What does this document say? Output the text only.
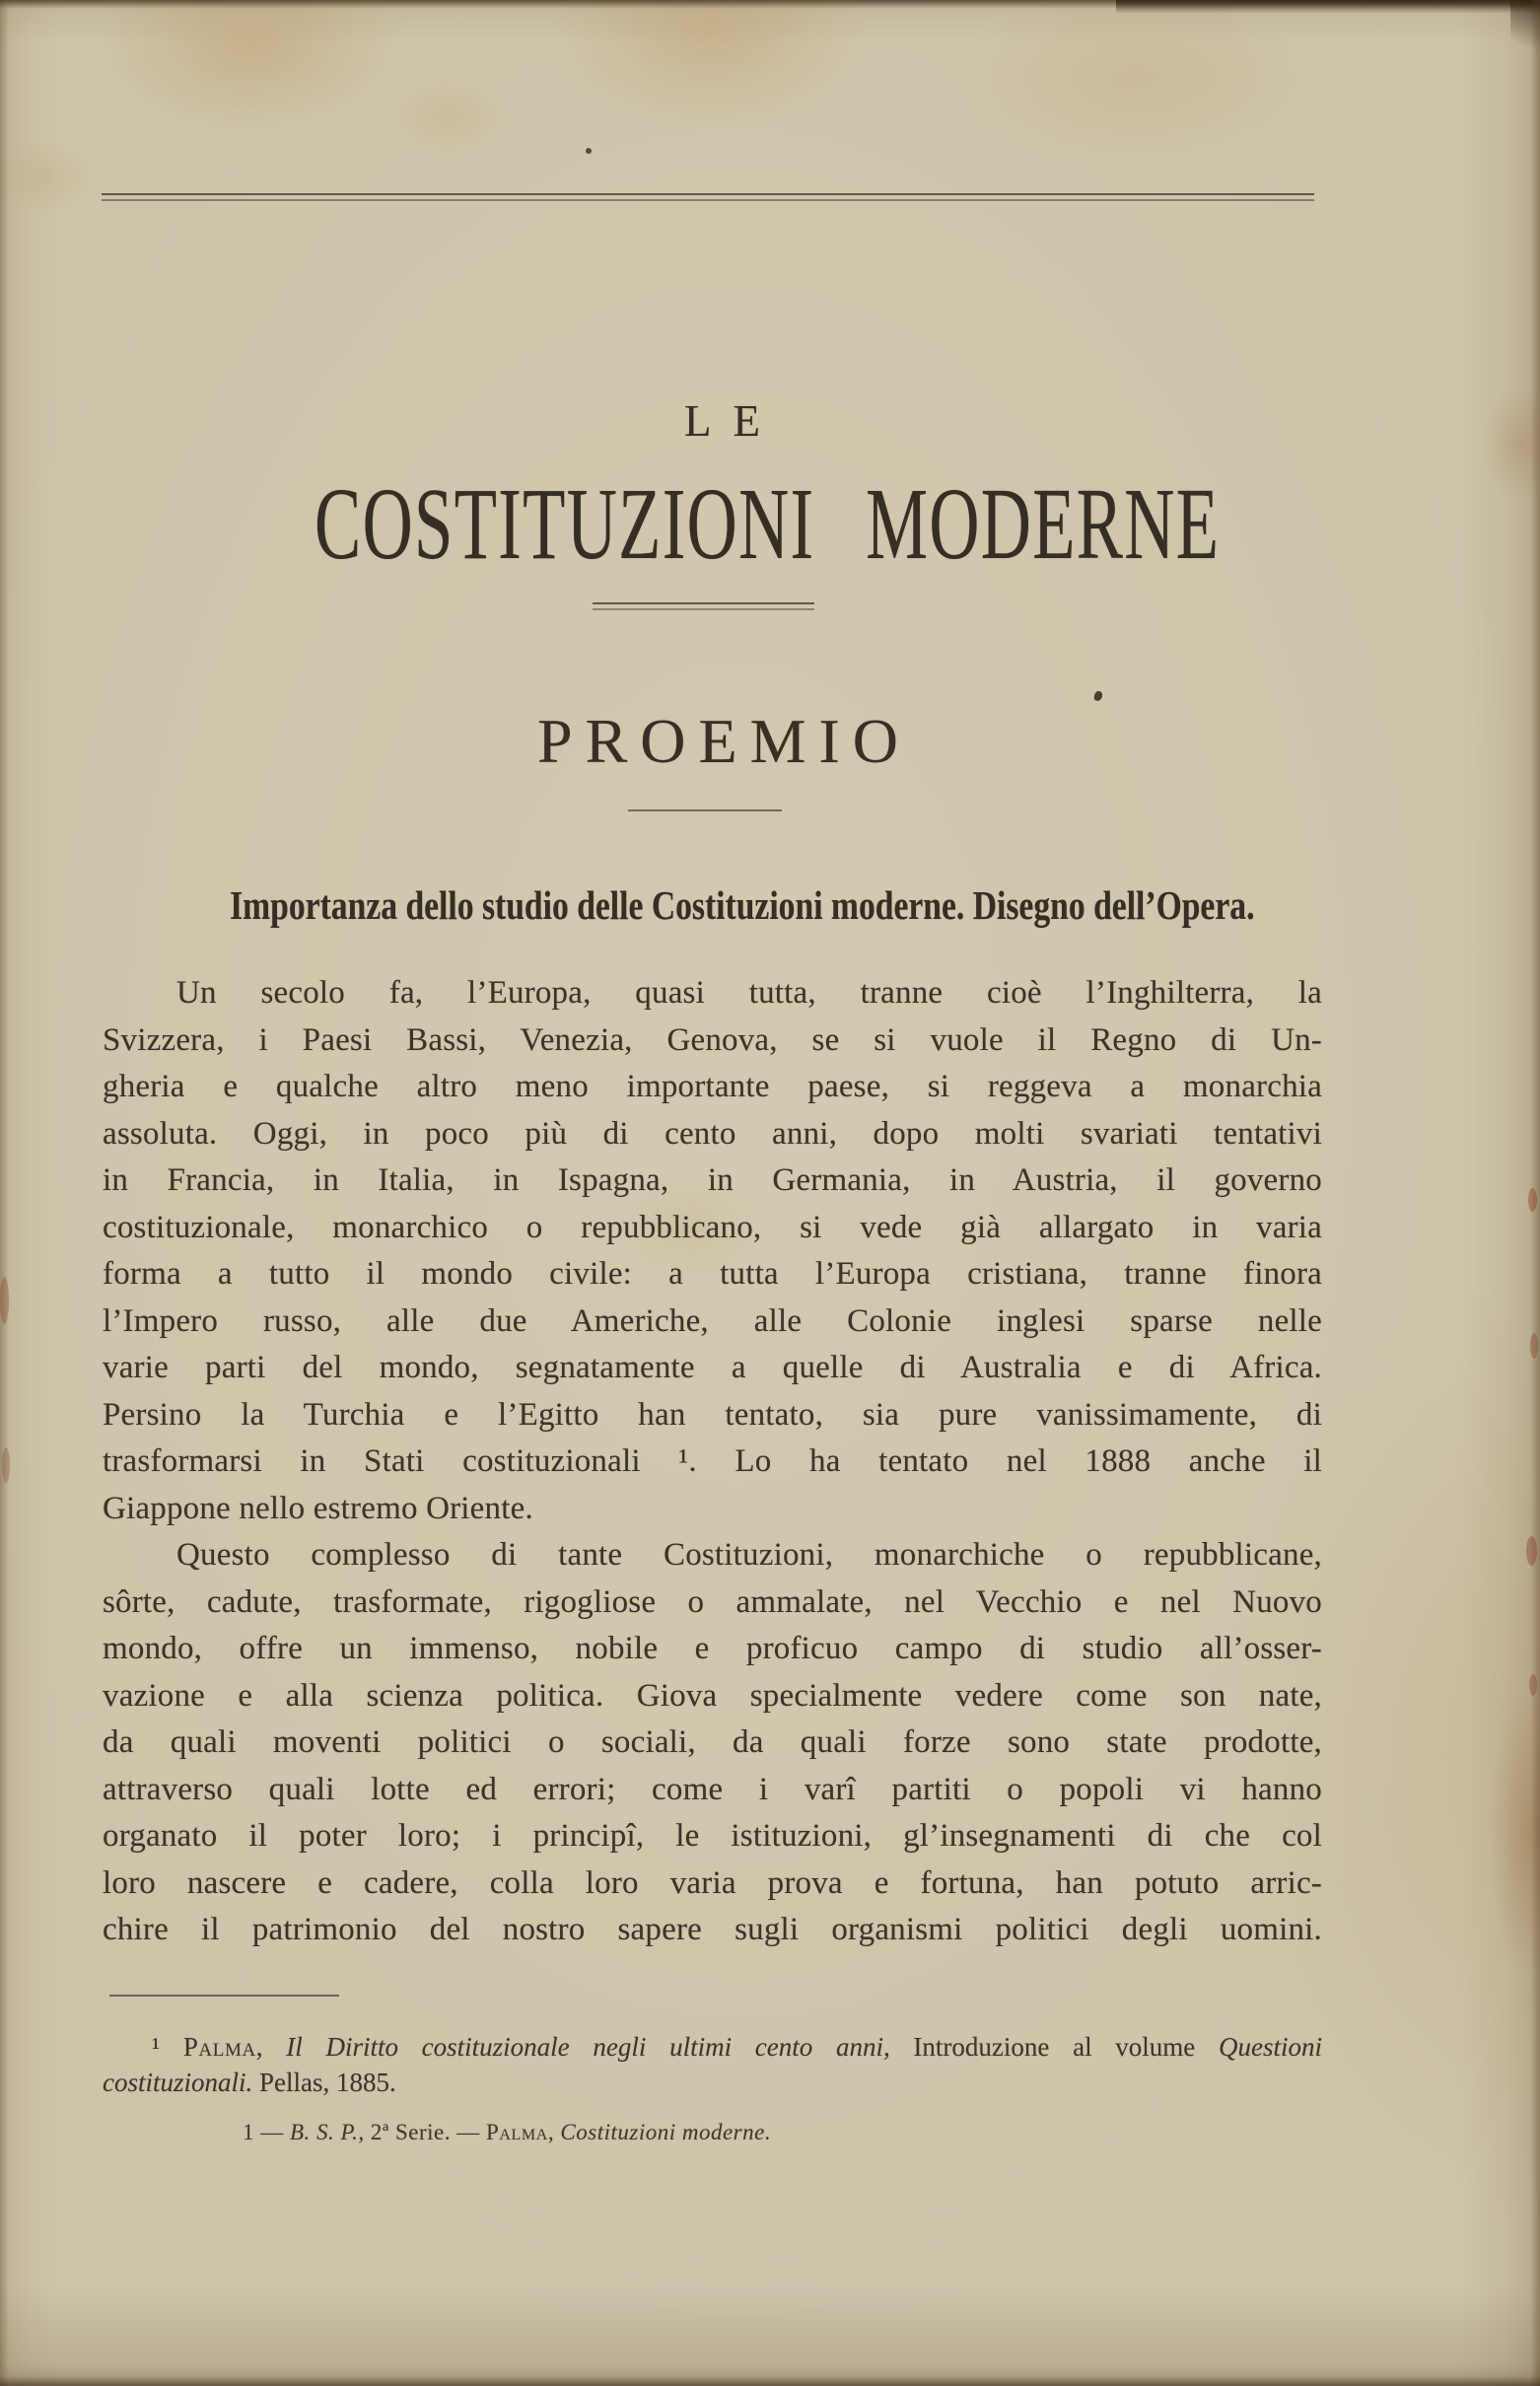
LE
COSTITUZIONI MODERNE
PROEMIO
Importanza dello studio delle Costituzioni moderne. Disegno dell’Opera.
Un secolo fa, l’Europa, quasi tutta, tranne cioè l’Inghilterra, la
Svizzera, i Paesi Bassi, Venezia, Genova, se si vuole il Regno di Un-
gheria e qualche altro meno importante paese, si reggeva a monarchia
assoluta. Oggi, in poco più di cento anni, dopo molti svariati tentativi
in Francia, in Italia, in Ispagna, in Germania, in Austria, il governo
costituzionale, monarchico o repubblicano, si vede già allargato in varia
forma a tutto il mondo civile: a tutta l’Europa cristiana, tranne finora
l’Impero russo, alle due Americhe, alle Colonie inglesi sparse nelle
varie parti del mondo, segnatamente a quelle di Australia e di Africa.
Persino la Turchia e l’Egitto han tentato, sia pure vanissimamente, di
trasformarsi in Stati costituzionali ¹. Lo ha tentato nel 1888 anche il
Giappone nello estremo Oriente.
Questo complesso di tante Costituzioni, monarchiche o repubblicane,
sôrte, cadute, trasformate, rigogliose o ammalate, nel Vecchio e nel Nuovo
mondo, offre un immenso, nobile e proficuo campo di studio all’osser-
vazione e alla scienza politica. Giova specialmente vedere come son nate,
da quali moventi politici o sociali, da quali forze sono state prodotte,
attraverso quali lotte ed errori; come i varî partiti o popoli vi hanno
organato il poter loro; i principî, le istituzioni, gl’insegnamenti di che col
loro nascere e cadere, colla loro varia prova e fortuna, han potuto arric-
chire il patrimonio del nostro sapere sugli organismi politici degli uomini.
¹ Palma, Il Diritto costituzionale negli ultimi cento anni, Introduzione al volume Questioni
costituzionali. Pellas, 1885.
1 — B. S. P., 2ª Serie. — Palma, Costituzioni moderne.
